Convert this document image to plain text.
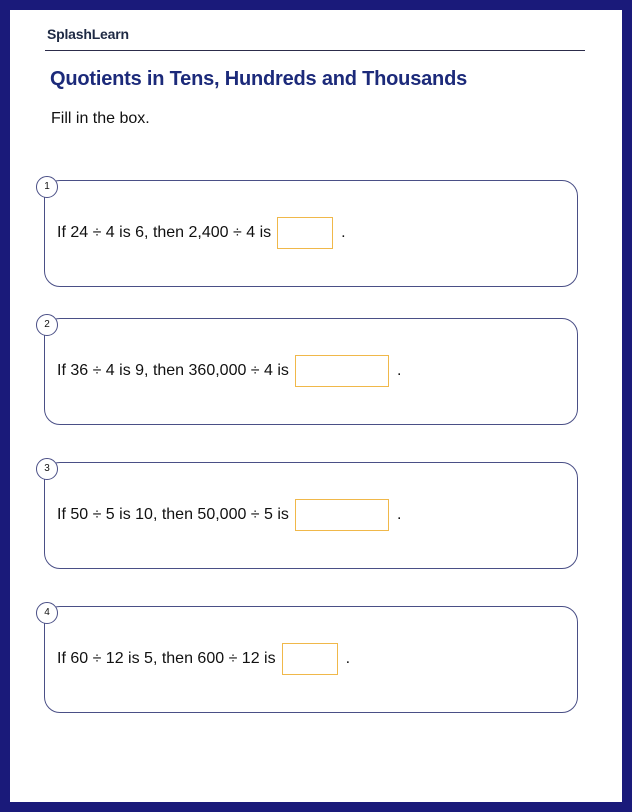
SplashLearn
Quotients in Tens, Hundreds and Thousands
Fill in the box.
1
If 24 ÷ 4 is 6, then 2,400 ÷ 4 is	.
2
If 36 ÷ 4 is 9, then 360,000 ÷ 4 is	.
3
If 50 ÷ 5 is 10, then 50,000 ÷ 5 is	.
4
If 60 ÷ 12 is 5, then 600 ÷ 12 is	.
